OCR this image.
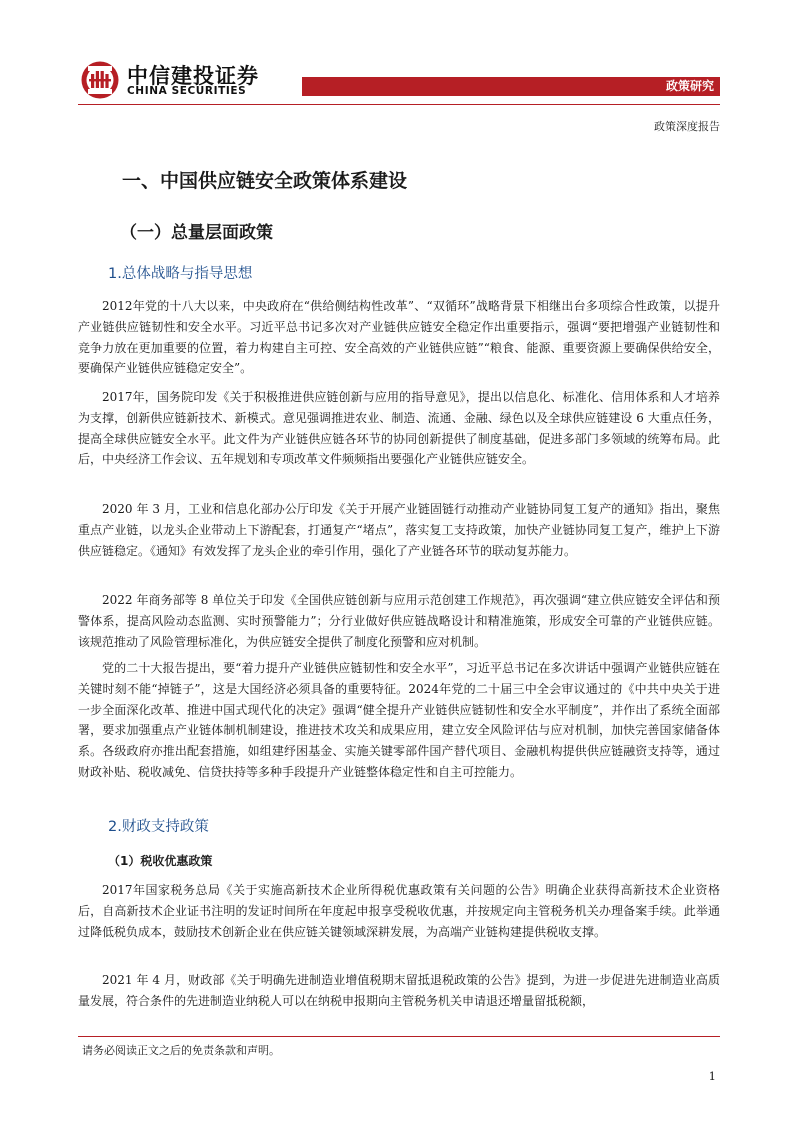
中信建投证券
CHINA SECURITIES	政策研究
政策深度报告
一、中国供应链安全政策体系建设
（一）总量层面政策
1.总体战略与指导思想

2012年党的十八大以来，中央政府在“供给侧结构性改革”、“双循环”战略背景下相继出台多项综合性政策，以提升产业链供应链韧性和安全水平。习近平总书记多次对产业链供应链安全稳定作出重要指示，强调“要把增强产业链韧性和竞争力放在更加重要的位置，着力构建自主可控、安全高效的产业链供应链”“粮食、能源、重要资源上要确保供给安全，要确保产业链供应链稳定安全”。

2017年，国务院印发《关于积极推进供应链创新与应用的指导意见》，提出以信息化、标准化、信用体系和人才培养为支撑，创新供应链新技术、新模式。意见强调推进农业、制造、流通、金融、绿色以及全球供应链建设 6 大重点任务，提高全球供应链安全水平。此文件为产业链供应链各环节的协同创新提供了制度基础，促进多部门多领域的统筹布局。此后，中央经济工作会议、五年规划和专项改革文件频频指出要强化产业链供应链安全。

2020 年 3 月，工业和信息化部办公厅印发《关于开展产业链固链行动推动产业链协同复工复产的通知》指出，聚焦重点产业链，以龙头企业带动上下游配套，打通复产“堵点”，落实复工支持政策，加快产业链协同复工复产，维护上下游供应链稳定。《通知》有效发挥了龙头企业的牵引作用，强化了产业链各环节的联动复苏能力。

2022 年商务部等 8 单位关于印发《全国供应链创新与应用示范创建工作规范》，再次强调“建立供应链安全评估和预警体系，提高风险动态监测、实时预警能力”；分行业做好供应链战略设计和精准施策，形成安全可靠的产业链供应链。该规范推动了风险管理标准化，为供应链安全提供了制度化预警和应对机制。

党的二十大报告提出，要“着力提升产业链供应链韧性和安全水平”，习近平总书记在多次讲话中强调产业链供应链在关键时刻不能“掉链子”，这是大国经济必须具备的重要特征。2024年党的二十届三中全会审议通过的《中共中央关于进一步全面深化改革、推进中国式现代化的决定》强调“健全提升产业链供应链韧性和安全水平制度”，并作出了系统全面部署，要求加强重点产业链体制机制建设，推进技术攻关和成果应用，建立安全风险评估与应对机制，加快完善国家储备体系。各级政府亦推出配套措施，如组建纾困基金、实施关键零部件国产替代项目、金融机构提供供应链融资支持等，通过财政补贴、税收减免、信贷扶持等多种手段提升产业链整体稳定性和自主可控能力。

2.财政支持政策
（1）税收优惠政策

2017年国家税务总局《关于实施高新技术企业所得税优惠政策有关问题的公告》明确企业获得高新技术企业资格后，自高新技术企业证书注明的发证时间所在年度起申报享受税收优惠，并按规定向主管税务机关办理备案手续。此举通过降低税负成本，鼓励技术创新企业在供应链关键领域深耕发展，为高端产业链构建提供税收支撑。

2021 年 4 月，财政部《关于明确先进制造业增值税期末留抵退税政策的公告》提到，为进一步促进先进制造业高质量发展，符合条件的先进制造业纳税人可以在纳税申报期向主管税务机关申请退还增量留抵税额，

请务必阅读正文之后的免责条款和声明。
1
